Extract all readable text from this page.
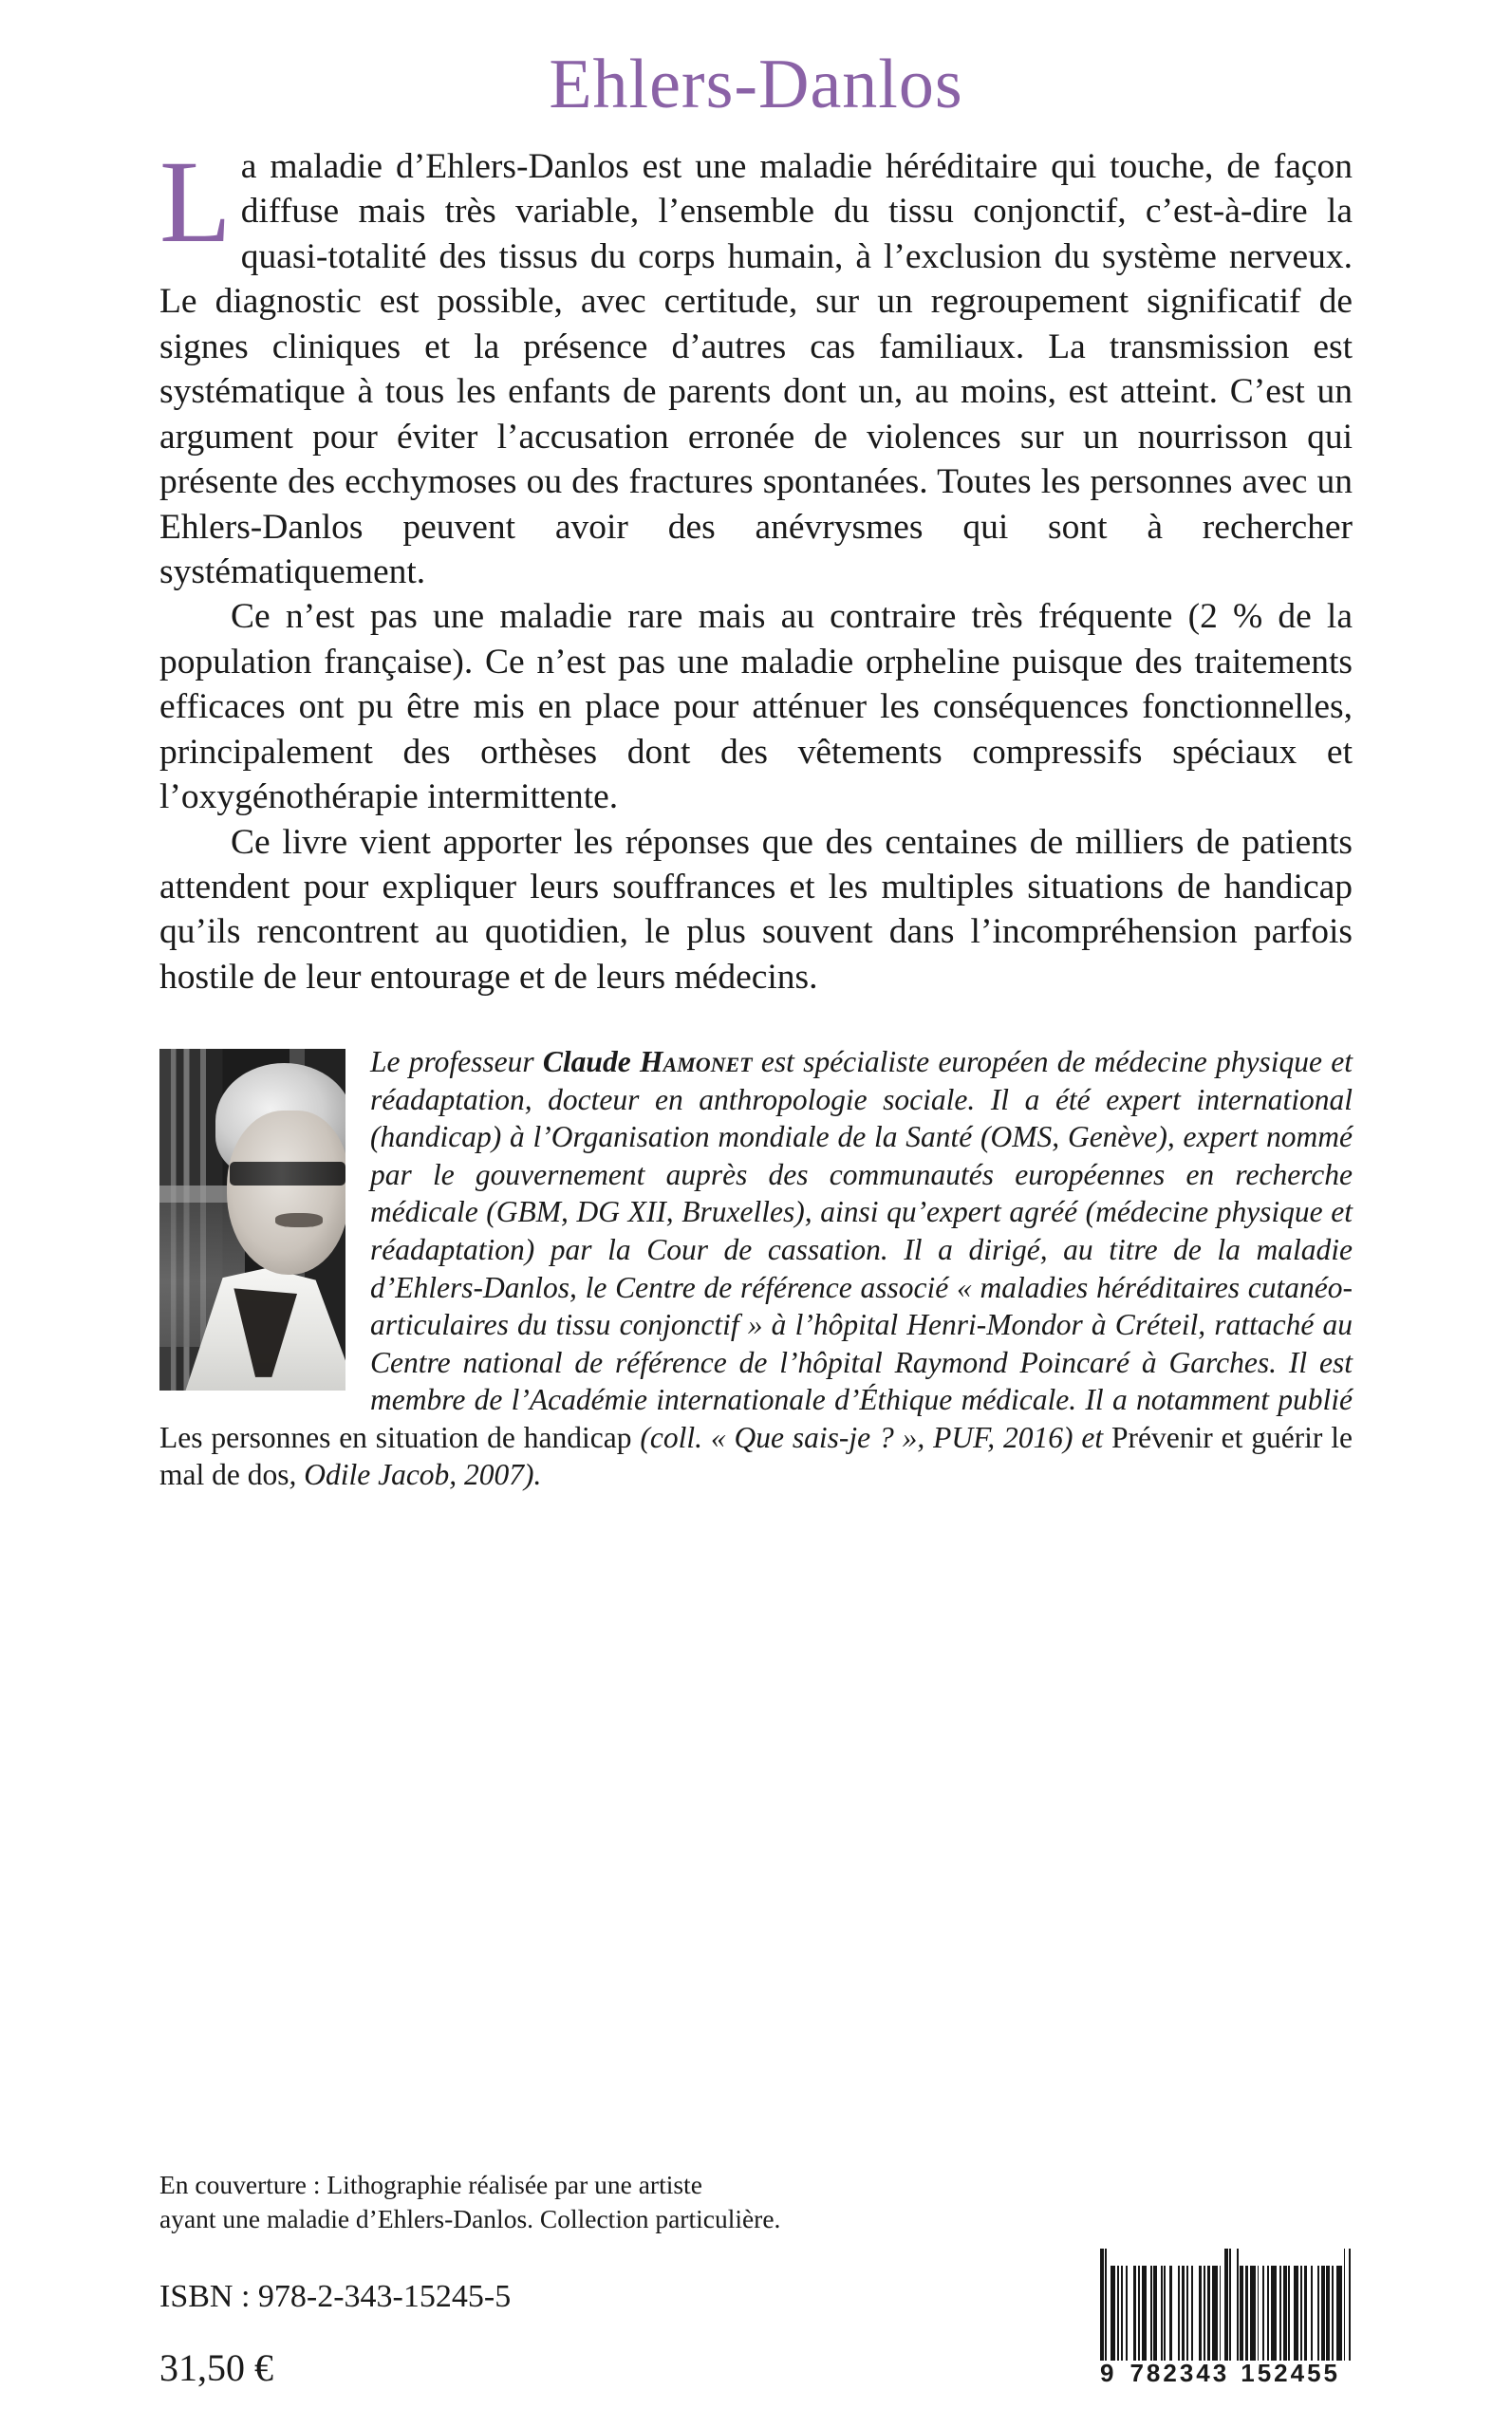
Ehlers-Danlos

La maladie d’Ehlers-Danlos est une maladie héréditaire qui touche, de façon diffuse mais très variable, l’ensemble du tissu conjonctif, c’est-à-dire la quasi-totalité des tissus du corps humain, à l’exclusion du système nerveux. Le diagnostic est possible, avec certitude, sur un regroupement significatif de signes cliniques et la présence d’autres cas familiaux. La transmission est systématique à tous les enfants de parents dont un, au moins, est atteint. C’est un argument pour éviter l’accusation erronée de violences sur un nourrisson qui présente des ecchymoses ou des fractures spontanées. Toutes les personnes avec un Ehlers-Danlos peuvent avoir des anévrysmes qui sont à rechercher systématiquement.

Ce n’est pas une maladie rare mais au contraire très fréquente (2 % de la population française). Ce n’est pas une maladie orpheline puisque des traitements efficaces ont pu être mis en place pour atténuer les conséquences fonctionnelles, principalement des orthèses dont des vêtements compressifs spéciaux et l’oxygénothérapie intermittente.

Ce livre vient apporter les réponses que des centaines de milliers de patients attendent pour expliquer leurs souffrances et les multiples situations de handicap qu’ils rencontrent au quotidien, le plus souvent dans l’incompréhension parfois hostile de leur entourage et de leurs médecins.

Le professeur Claude Hamonet est spécialiste européen de médecine physique et réadaptation, docteur en anthropologie sociale. Il a été expert international (handicap) à l’Organisation mondiale de la Santé (OMS, Genève), expert nommé par le gouvernement auprès des communautés européennes en recherche médicale (GBM, DG XII, Bruxelles), ainsi qu’expert agréé (médecine physique et réadaptation) par la Cour de cassation. Il a dirigé, au titre de la maladie d’Ehlers-Danlos, le Centre de référence associé « maladies héréditaires cutanéo-articulaires du tissu conjonctif » à l’hôpital Henri-Mondor à Créteil, rattaché au Centre national de référence de l’hôpital Raymond Poincaré à Garches. Il est membre de l’Académie internationale d’Éthique médicale. Il a notamment publié Les personnes en situation de handicap (coll. « Que sais-je ? », PUF, 2016) et Prévenir et guérir le mal de dos, Odile Jacob, 2007).

En couverture : Lithographie réalisée par une artiste
ayant une maladie d’Ehlers-Danlos. Collection particulière.

ISBN : 978-2-343-15245-5
31,50 €	9 782343 152455
